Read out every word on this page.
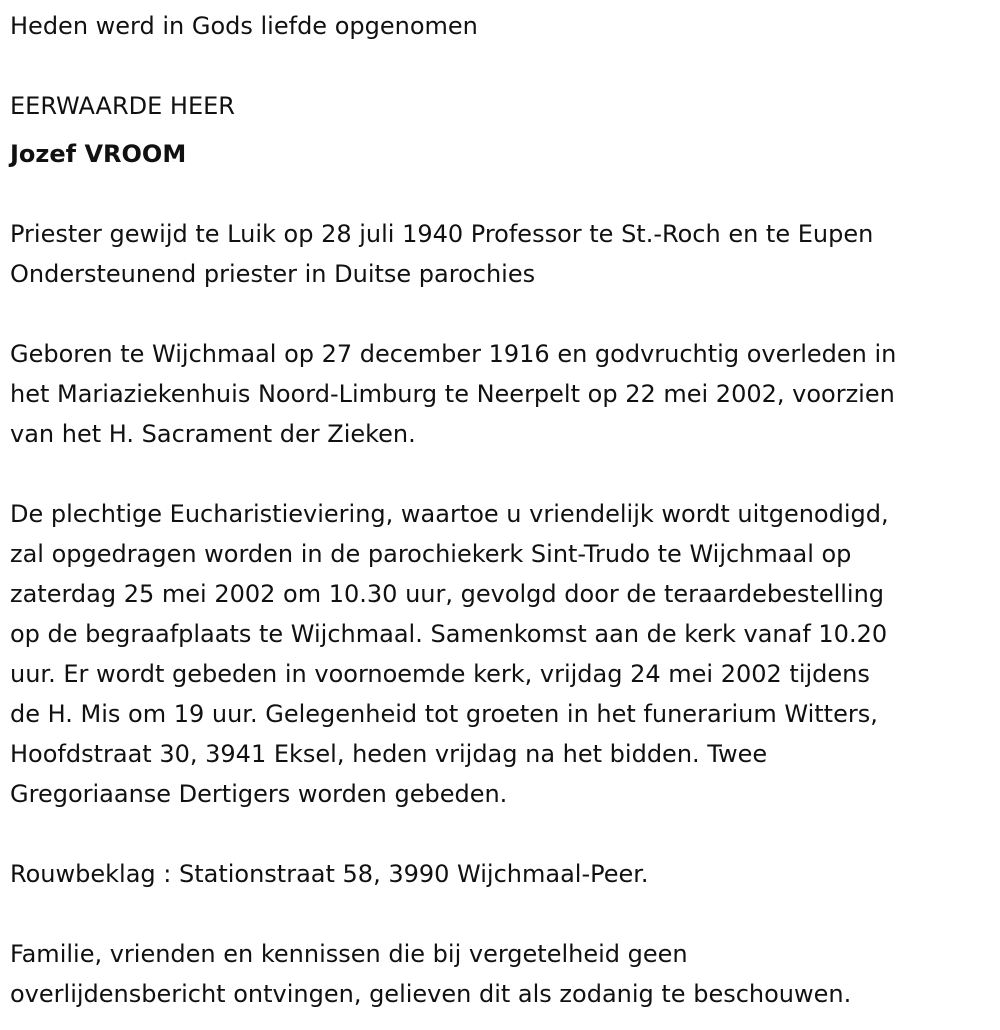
Heden werd in Gods liefde opgenomen

EERWAARDE HEER

Jozef VROOM

Priester gewijd te Luik op 28 juli 1940 Professor te St.-Roch en te Eupen

Ondersteunend priester in Duitse parochies

Geboren te Wijchmaal op 27 december 1916 en godvruchtig overleden in

het Mariaziekenhuis Noord-Limburg te Neerpelt op 22 mei 2002, voorzien

van het H. Sacrament der Zieken.

De plechtige Eucharistieviering, waartoe u vriendelijk wordt uitgenodigd,

zal opgedragen worden in de parochiekerk Sint-Trudo te Wijchmaal op

zaterdag 25 mei 2002 om 10.30 uur, gevolgd door de teraardebestelling

op de begraafplaats te Wijchmaal. Samenkomst aan de kerk vanaf 10.20

uur. Er wordt gebeden in voornoemde kerk, vrijdag 24 mei 2002 tijdens

de H. Mis om 19 uur. Gelegenheid tot groeten in het funerarium Witters,

Hoofdstraat 30, 3941 Eksel, heden vrijdag na het bidden. Twee

Gregoriaanse Dertigers worden gebeden.

Rouwbeklag : Stationstraat 58, 3990 Wijchmaal-Peer.

Familie, vrienden en kennissen die bij vergetelheid geen

overlijdensbericht ontvingen, gelieven dit als zodanig te beschouwen.
